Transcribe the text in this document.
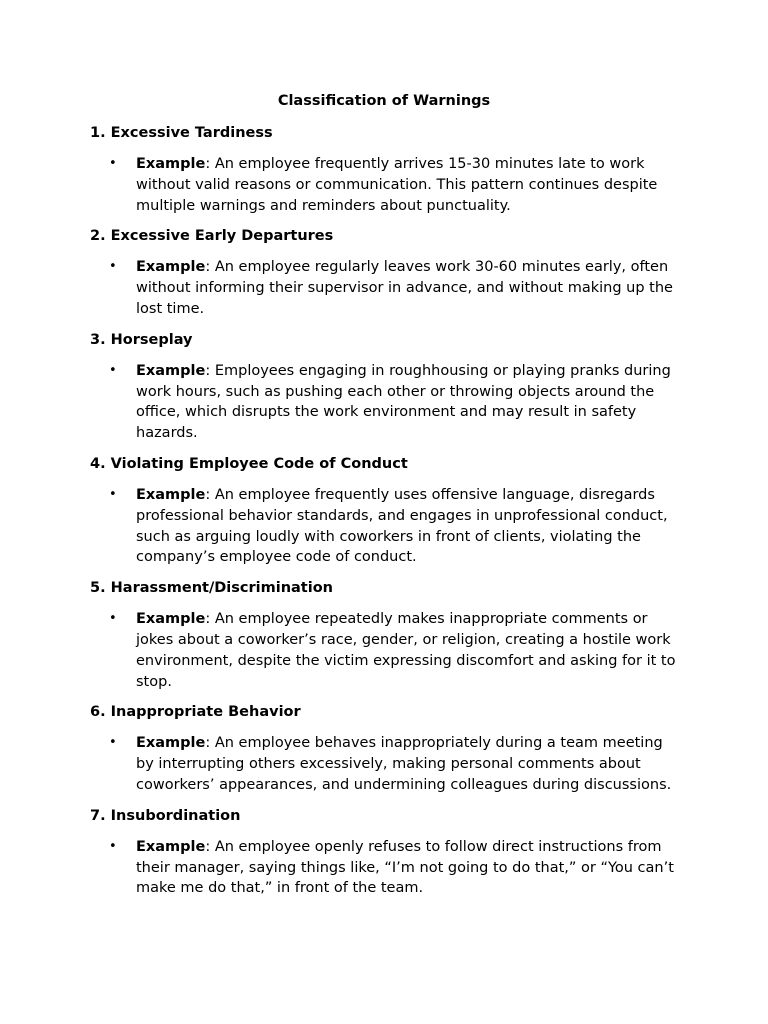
Classification of Warnings
1. Excessive Tardiness
• Example: An employee frequently arrives 15-30 minutes late to work without valid reasons or communication. This pattern continues despite multiple warnings and reminders about punctuality.
2. Excessive Early Departures
• Example: An employee regularly leaves work 30-60 minutes early, often without informing their supervisor in advance, and without making up the lost time.
3. Horseplay
• Example: Employees engaging in roughhousing or playing pranks during work hours, such as pushing each other or throwing objects around the office, which disrupts the work environment and may result in safety hazards.
4. Violating Employee Code of Conduct
• Example: An employee frequently uses offensive language, disregards professional behavior standards, and engages in unprofessional conduct, such as arguing loudly with coworkers in front of clients, violating the company’s employee code of conduct.
5. Harassment/Discrimination
• Example: An employee repeatedly makes inappropriate comments or jokes about a coworker’s race, gender, or religion, creating a hostile work environment, despite the victim expressing discomfort and asking for it to stop.
6. Inappropriate Behavior
• Example: An employee behaves inappropriately during a team meeting by interrupting others excessively, making personal comments about coworkers’ appearances, and undermining colleagues during discussions.
7. Insubordination
• Example: An employee openly refuses to follow direct instructions from their manager, saying things like, “I’m not going to do that,” or “You can’t make me do that,” in front of the team.
